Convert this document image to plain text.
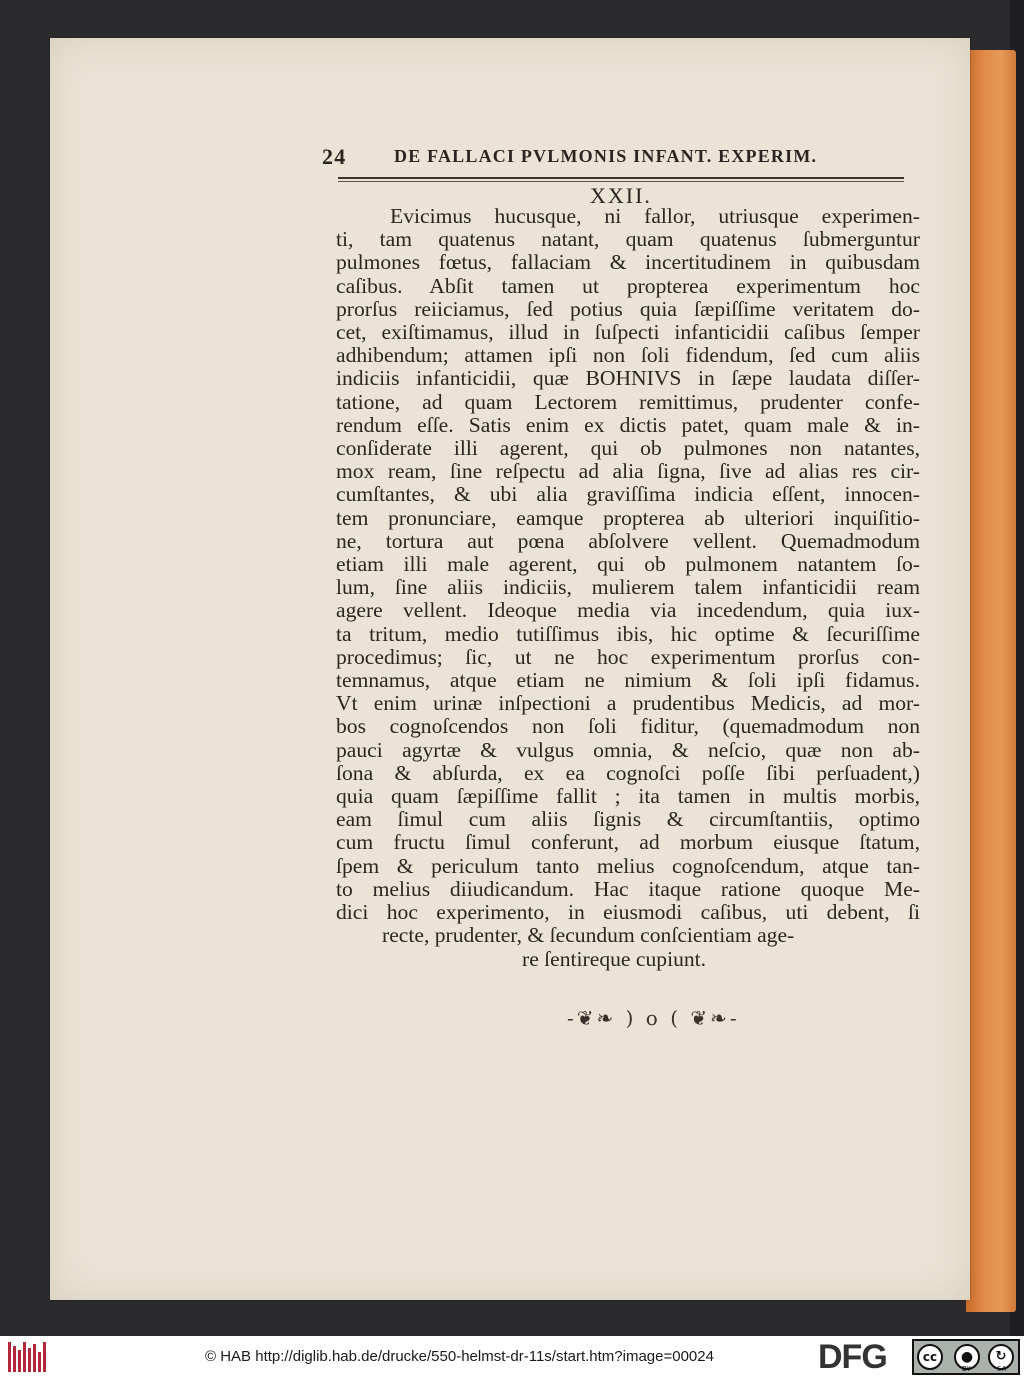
24	DE FALLACI PVLMONIS INFANT. EXPERIM.
XXII.
Evicimus hucusque, ni fallor, utriusque experimen-
ti, tam quatenus natant, quam quatenus ſubmerguntur
pulmones fœtus, fallaciam & incertitudinem in quibusdam
caſibus. Abſit tamen ut propterea experimentum hoc
prorſus reiiciamus, ſed potius quia ſæpiſſime veritatem do-
cet, exiſtimamus, illud in ſuſpecti infanticidii caſibus ſemper
adhibendum; attamen ipſi non ſoli fidendum, ſed cum aliis
indiciis infanticidii, quæ BOHNIVS in ſæpe laudata diſſer-
tatione, ad quam Lectorem remittimus, prudenter confe-
rendum eſſe. Satis enim ex dictis patet, quam male & in-
conſiderate illi agerent, qui ob pulmones non natantes,
mox ream, ſine reſpectu ad alia ſigna, ſive ad alias res cir-
cumſtantes, & ubi alia graviſſima indicia eſſent, innocen-
tem pronunciare, eamque propterea ab ulteriori inquiſitio-
ne, tortura aut pœna abſolvere vellent. Quemadmodum
etiam illi male agerent, qui ob pulmonem natantem ſo-
lum, ſine aliis indiciis, mulierem talem infanticidii ream
agere vellent. Ideoque media via incedendum, quia iux-
ta tritum, medio tutiſſimus ibis, hic optime & ſecuriſſime
procedimus; ſic, ut ne hoc experimentum prorſus con-
temnamus, atque etiam ne nimium & ſoli ipſi fidamus.
Vt enim urinæ inſpectioni a prudentibus Medicis, ad mor-
bos cognoſcendos non ſoli fiditur, (quemadmodum non
pauci agyrtæ & vulgus omnia, & neſcio, quæ non ab-
ſona & abſurda, ex ea cognoſci poſſe ſibi perſuadent,)
quia quam ſæpiſſime fallit ; ita tamen in multis morbis,
eam ſimul cum aliis ſignis & circumſtantiis, optimo
cum fructu ſimul conferunt, ad morbum eiusque ſtatum,
ſpem & periculum tanto melius cognoſcendum, atque tan-
to melius diiudicandum. Hac itaque ratione quoque Me-
dici hoc experimento, in eiusmodi caſibus, uti debent, ſi
recte, prudenter, & ſecundum conſcientiam age-
re ſentireque cupiunt.
-❦❧ ) o ( ❦❧-
© HAB http://diglib.hab.de/drucke/550-helmst-dr-11s/start.htm?image=00024	DFG	cc	●	↻
BY	SA
